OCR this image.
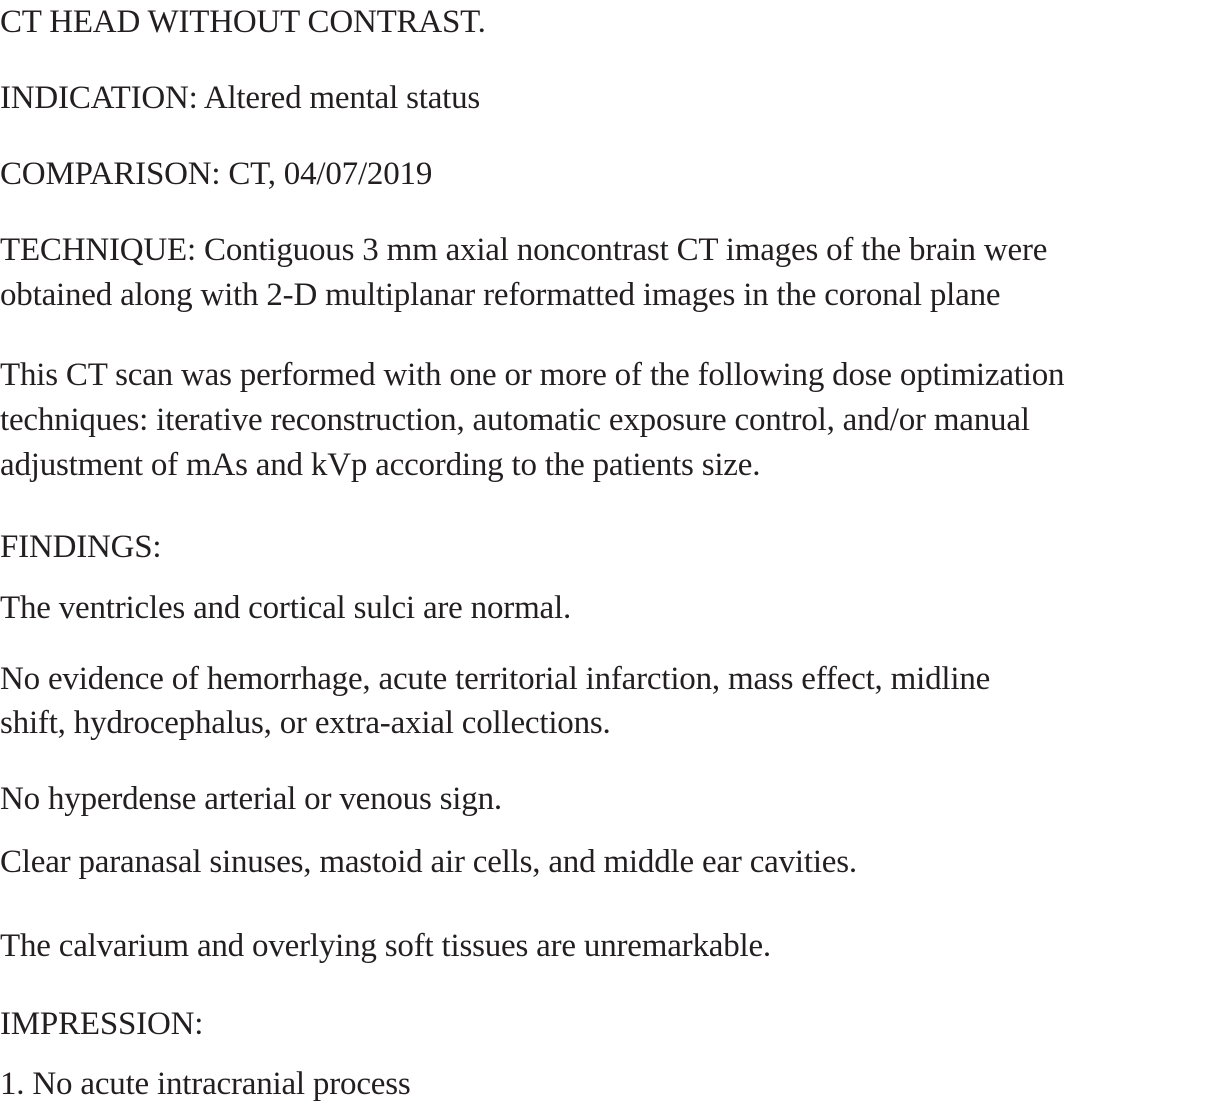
CT HEAD WITHOUT CONTRAST.

INDICATION: Altered mental status

COMPARISON: CT, 04/07/2019

TECHNIQUE: Contiguous 3 mm axial noncontrast CT images of the brain were

obtained along with 2-D multiplanar reformatted images in the coronal plane

This CT scan was performed with one or more of the following dose optimization

techniques: iterative reconstruction, automatic exposure control, and/or manual

adjustment of mAs and kVp according to the patients size.

FINDINGS:

The ventricles and cortical sulci are normal.

No evidence of hemorrhage, acute territorial infarction, mass effect, midline

shift, hydrocephalus, or extra-axial collections.

No hyperdense arterial or venous sign.

Clear paranasal sinuses, mastoid air cells, and middle ear cavities.

The calvarium and overlying soft tissues are unremarkable.

IMPRESSION:

1. No acute intracranial process
